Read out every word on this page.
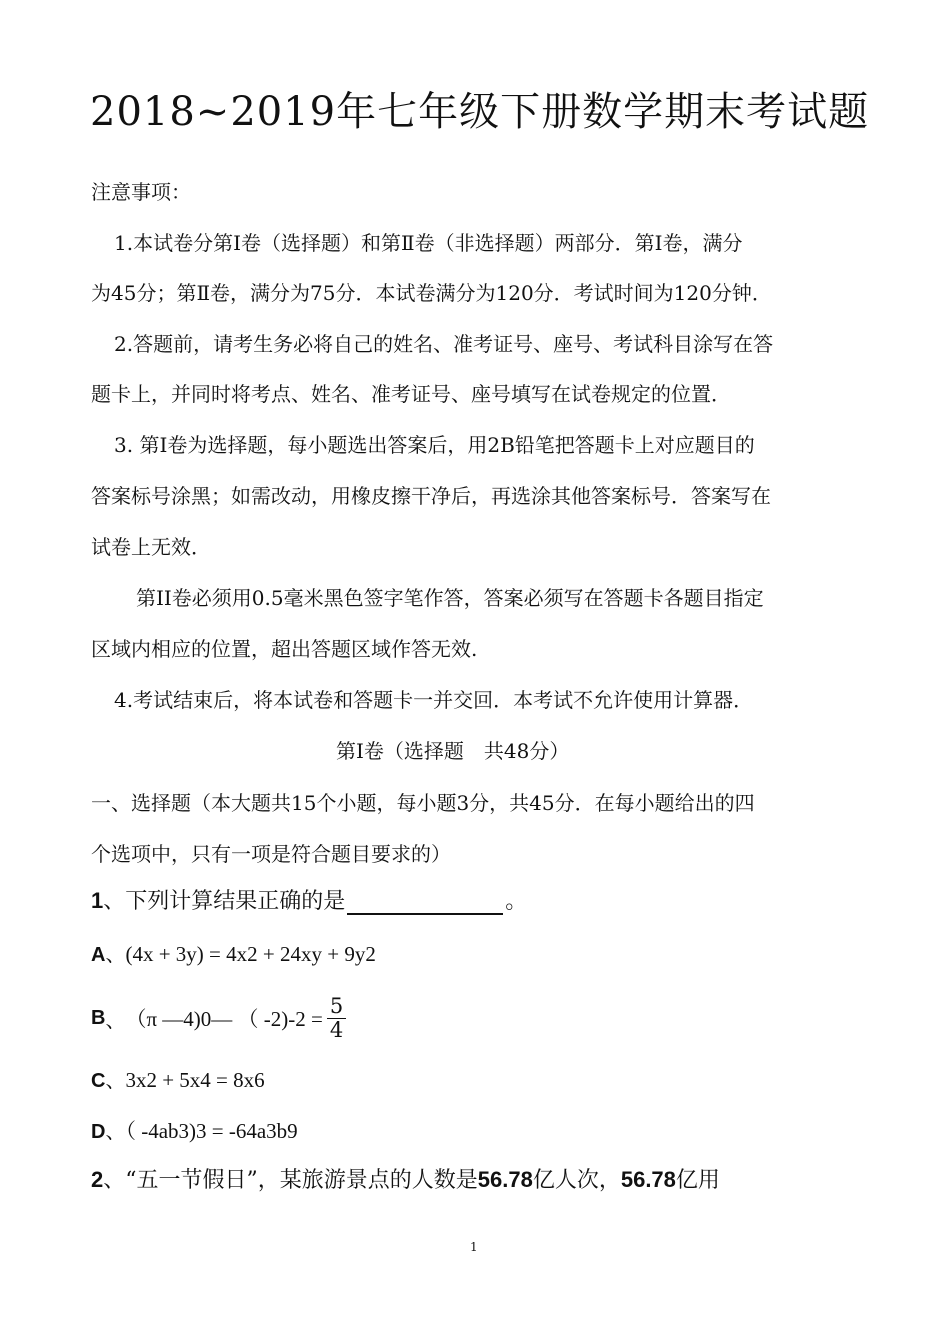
2018~2019年七年级下册数学期末考试题
注意事项：
1.本试卷分第Ⅰ卷（选择题）和第Ⅱ卷（非选择题）两部分．第Ⅰ卷，满分
为45分；第Ⅱ卷，满分为75分．本试卷满分为120分．考试时间为120分钟．
2.答题前，请考生务必将自己的姓名、准考证号、座号、考试科目涂写在答
题卡上，并同时将考点、姓名、准考证号、座号填写在试卷规定的位置．
3. 第Ⅰ卷为选择题，每小题选出答案后，用2B铅笔把答题卡上对应题目的
答案标号涂黑；如需改动，用橡皮擦干净后，再选涂其他答案标号．答案写在
试卷上无效．
第II卷必须用0.5毫米黑色签字笔作答，答案必须写在答题卡各题目指定
区域内相应的位置，超出答题区域作答无效.
4.考试结束后，将本试卷和答题卡一并交回．本考试不允许使用计算器．
第Ⅰ卷（选择题　共48分）
一、选择题（本大题共15个小题，每小题3分，共45分．在每小题给出的四
个选项中，只有一项是符合题目要求的）
1、下列计算结果正确的是	。
A、(4x + 3y) = 4x2 + 24xy + 9y2
B 、 （π —4)0— （ $-2)-2 = \frac{5}{4}$
C、3x2 + 5x4 = 8x6
D、（ -4ab3)3 = -64a3b9
2、“五一节假日”，某旅游景点的人数是56.78亿人次，56.78亿用
1
